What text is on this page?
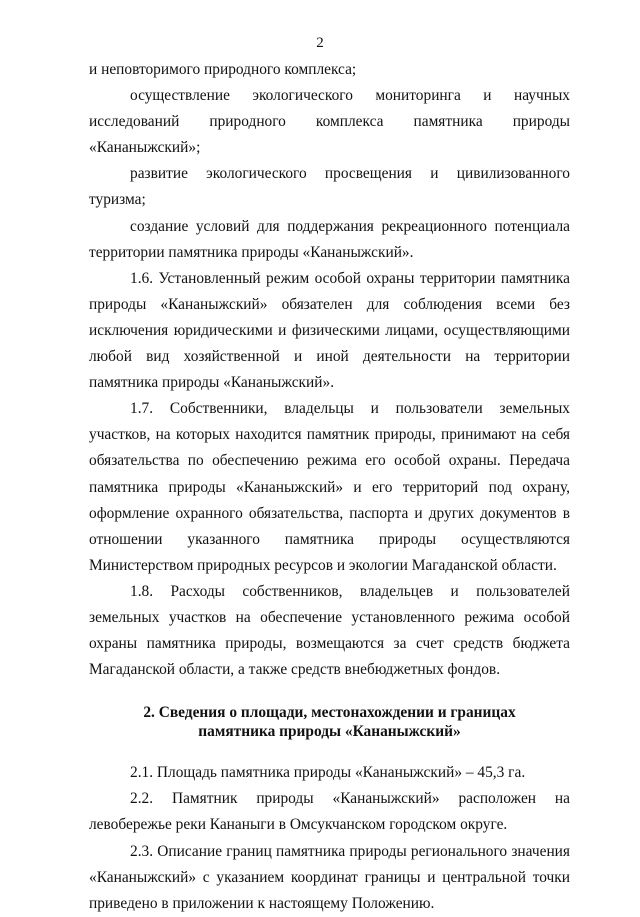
2

и неповторимого природного комплекса;

осуществление экологического мониторинга и научных исследований природного комплекса памятника природы «Кананыжский»;

развитие экологического просвещения и цивилизованного туризма;

создание условий для поддержания рекреационного потенциала территории памятника природы «Кананыжский».

1.6. Установленный режим особой охраны территории памятника природы «Кананыжский» обязателен для соблюдения всеми без исключения юридическими и физическими лицами, осуществляющими любой вид хозяйственной и иной деятельности на территории памятника природы «Кананыжский».

1.7. Собственники, владельцы и пользователи земельных участков, на которых находится памятник природы, принимают на себя обязательства по обеспечению режима его особой охраны. Передача памятника природы «Кананыжский» и его территорий под охрану, оформление охранного обязательства, паспорта и других документов в отношении указанного памятника природы осуществляются Министерством природных ресурсов и экологии Магаданской области.

1.8. Расходы собственников, владельцев и пользователей земельных участков на обеспечение установленного режима особой охраны памятника природы, возмещаются за счет средств бюджета Магаданской области, а также средств внебюджетных фондов.

2. Сведения о площади, местонахождении и границах
памятника природы «Кананыжский»

2.1. Площадь памятника природы «Кананыжский» – 45,3 га.

2.2. Памятник природы «Кананыжский» расположен на левобережье реки Кананыги в Омсукчанском городском округе.

2.3. Описание границ памятника природы регионального значения «Кананыжский» с указанием координат границы и центральной точки приведено в приложении к настоящему Положению.
